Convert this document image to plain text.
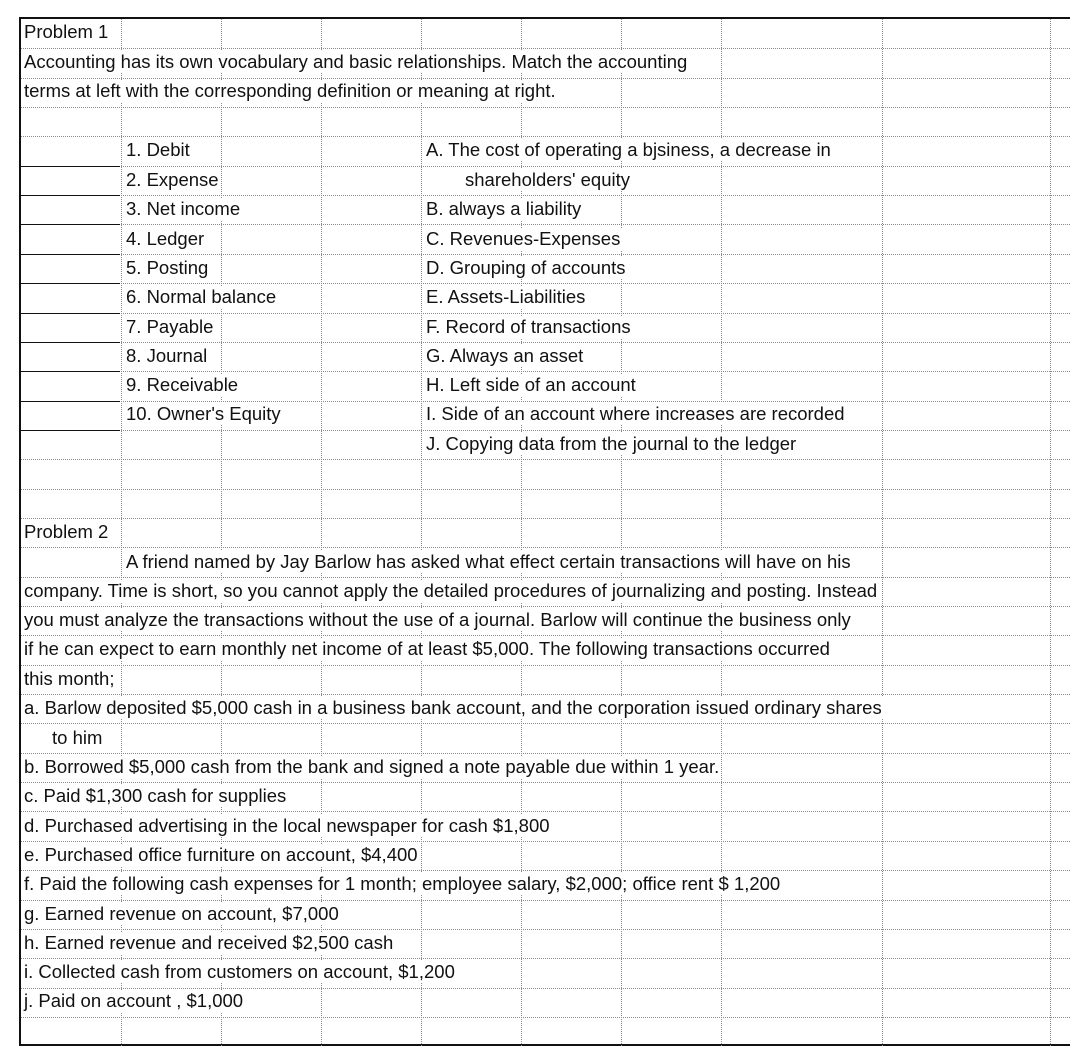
Problem 1
Accounting has its own vocabulary and basic relationships. Match the accounting
terms at left with the corresponding definition or meaning at right.
1. Debit
2. Expense
3. Net income
4. Ledger
5. Posting
6. Normal balance
7. Payable
8. Journal
9. Receivable
10. Owner's Equity
A. The cost of operating a bjsiness, a decrease in
shareholders' equity
B. always a liability
C. Revenues-Expenses
D. Grouping of accounts
E. Assets-Liabilities
F. Record of transactions
G. Always an asset
H. Left side of an account
I. Side of an account where increases are recorded
J. Copying data from the journal to the ledger
Problem 2
A friend named by Jay Barlow has asked what effect certain transactions will have on his
company. Time is short, so you cannot apply the detailed procedures of journalizing and posting. Instead
you must analyze the transactions without the use of a journal. Barlow will continue the business only
if he can expect to earn monthly net income of at least $5,000. The following transactions occurred
this month;
a. Barlow deposited $5,000 cash in a business bank account, and the corporation issued ordinary shares
to him
b. Borrowed $5,000 cash from the bank and signed a note payable due within 1 year.
c. Paid $1,300 cash for supplies
d. Purchased advertising in the local newspaper for cash $1,800
e. Purchased office furniture on account, $4,400
f. Paid the following cash expenses for 1 month; employee salary, $2,000; office rent $ 1,200
g. Earned revenue on account, $7,000
h. Earned revenue and received $2,500 cash
i. Collected cash from customers on account, $1,200
j. Paid on account , $1,000
